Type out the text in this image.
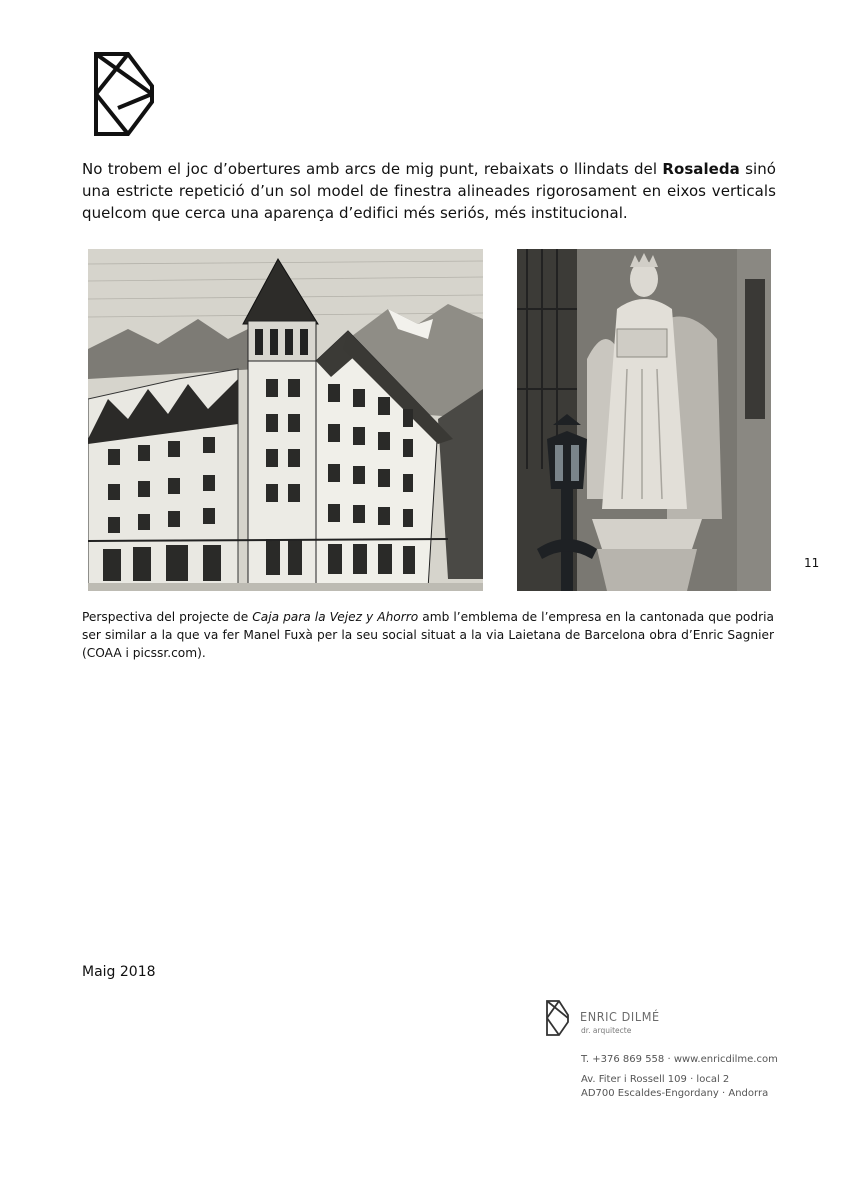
No trobem el joc d’obertures amb arcs de mig punt, rebaixats o llindats del Rosaleda sinó una estricte repetició d’un sol model de finestra alineades rigorosament en eixos verticals quelcom que cerca una aparença d’edifici més seriós, més institucional.

11

Perspectiva del projecte de Caja para la Vejez y Ahorro amb l’emblema de l’empresa en la cantonada que podria ser similar a la que va fer Manel Fuxà per la seu social situat a la via Laietana de Barcelona obra d’Enric Sagnier (COAA i picssr.com).

Maig 2018
ENRIC DILMÉ
dr. arquitecte
T. +376 869 558 · www.enricdilme.com
Av. Fiter i Rossell 109 · local 2
AD700 Escaldes-Engordany · Andorra
